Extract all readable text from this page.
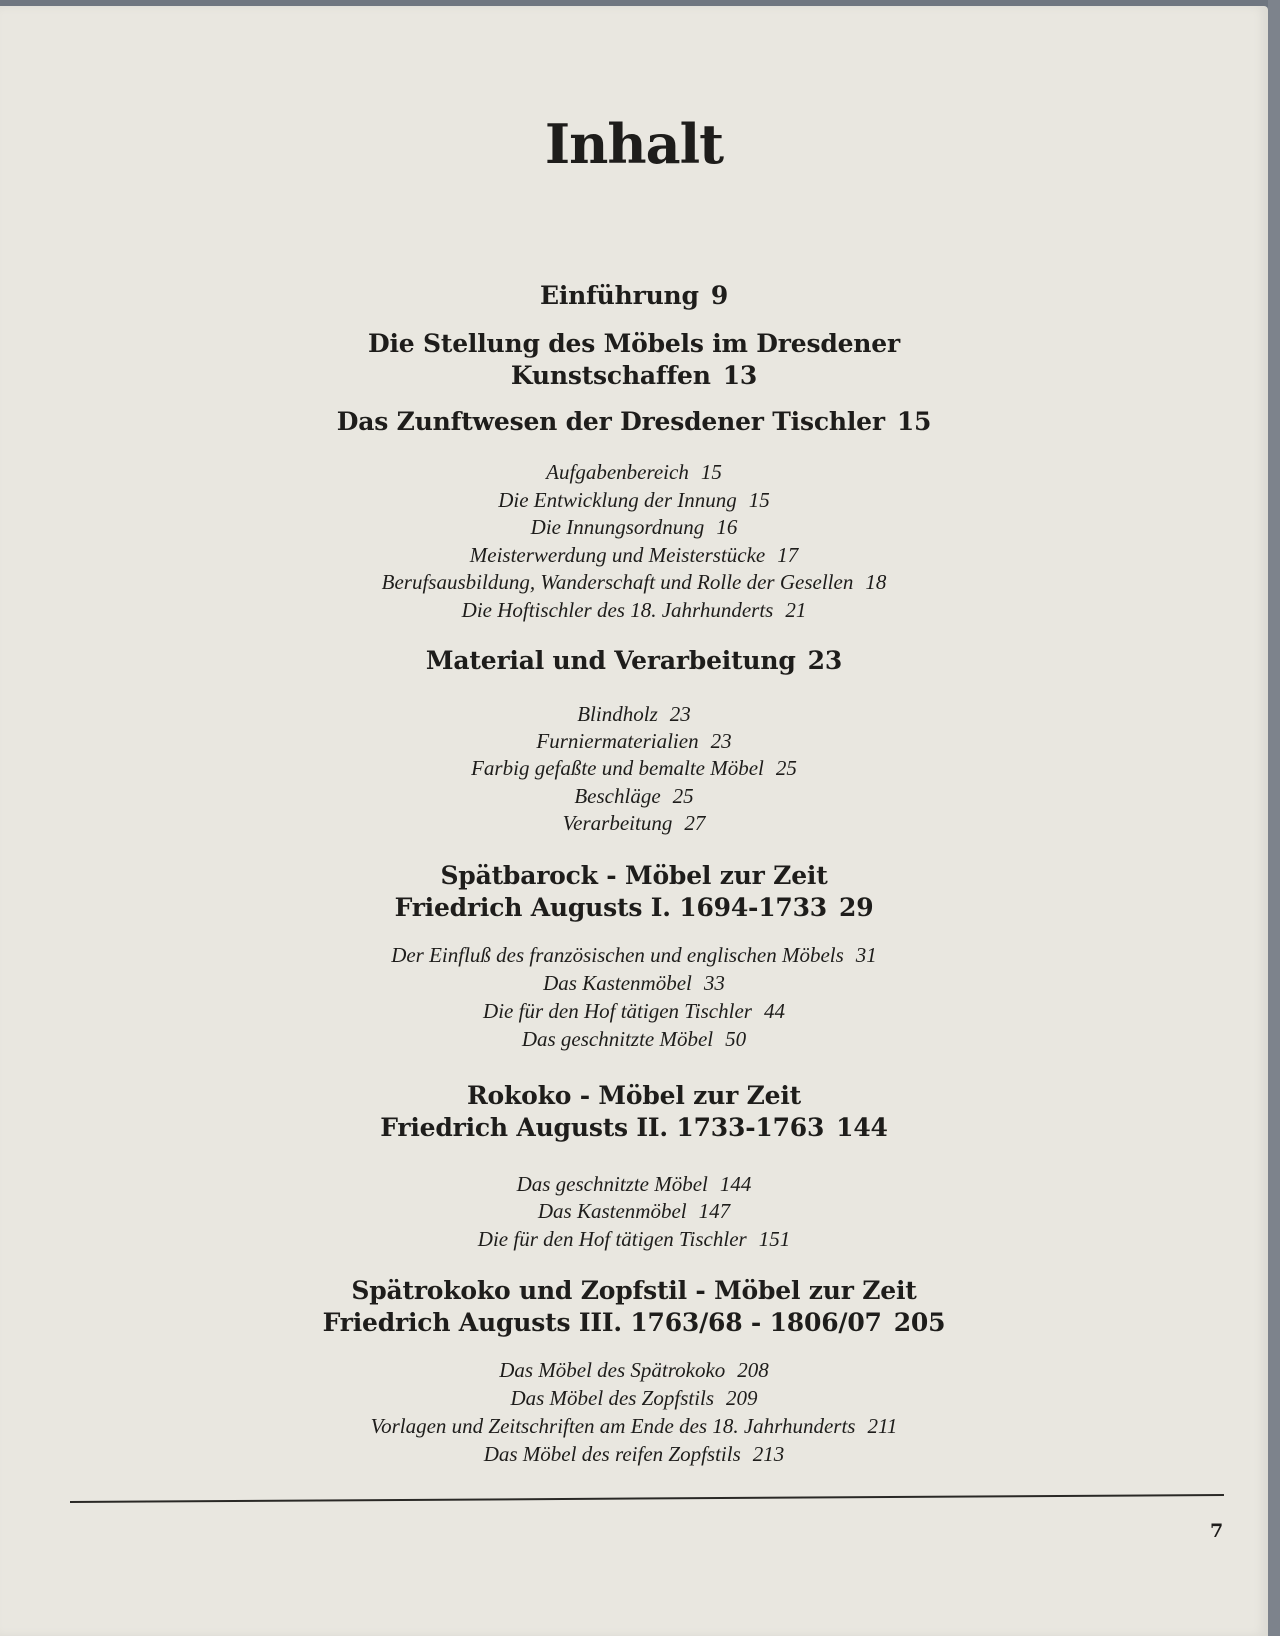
Inhalt
Einführung 9
Die Stellung des Möbels im Dresdener
Kunstschaffen 13
Das Zunftwesen der Dresdener Tischler 15
Aufgabenbereich 15
Die Entwicklung der Innung 15
Die Innungsordnung 16
Meisterwerdung und Meisterstücke 17
Berufsausbildung, Wanderschaft und Rolle der Gesellen 18
Die Hoftischler des 18. Jahrhunderts 21
Material und Verarbeitung 23
Blindholz 23
Furniermaterialien 23
Farbig gefaßte und bemalte Möbel 25
Beschläge 25
Verarbeitung 27
Spätbarock - Möbel zur Zeit
Friedrich Augusts I. 1694-1733 29
Der Einfluß des französischen und englischen Möbels 31
Das Kastenmöbel 33
Die für den Hof tätigen Tischler 44
Das geschnitzte Möbel 50
Rokoko - Möbel zur Zeit
Friedrich Augusts II. 1733-1763 144
Das geschnitzte Möbel 144
Das Kastenmöbel 147
Die für den Hof tätigen Tischler 151
Spätrokoko und Zopfstil - Möbel zur Zeit
Friedrich Augusts III. 1763/68 - 1806/07 205
Das Möbel des Spätrokoko 208
Das Möbel des Zopfstils 209
Vorlagen und Zeitschriften am Ende des 18. Jahrhunderts 211
Das Möbel des reifen Zopfstils 213
7
